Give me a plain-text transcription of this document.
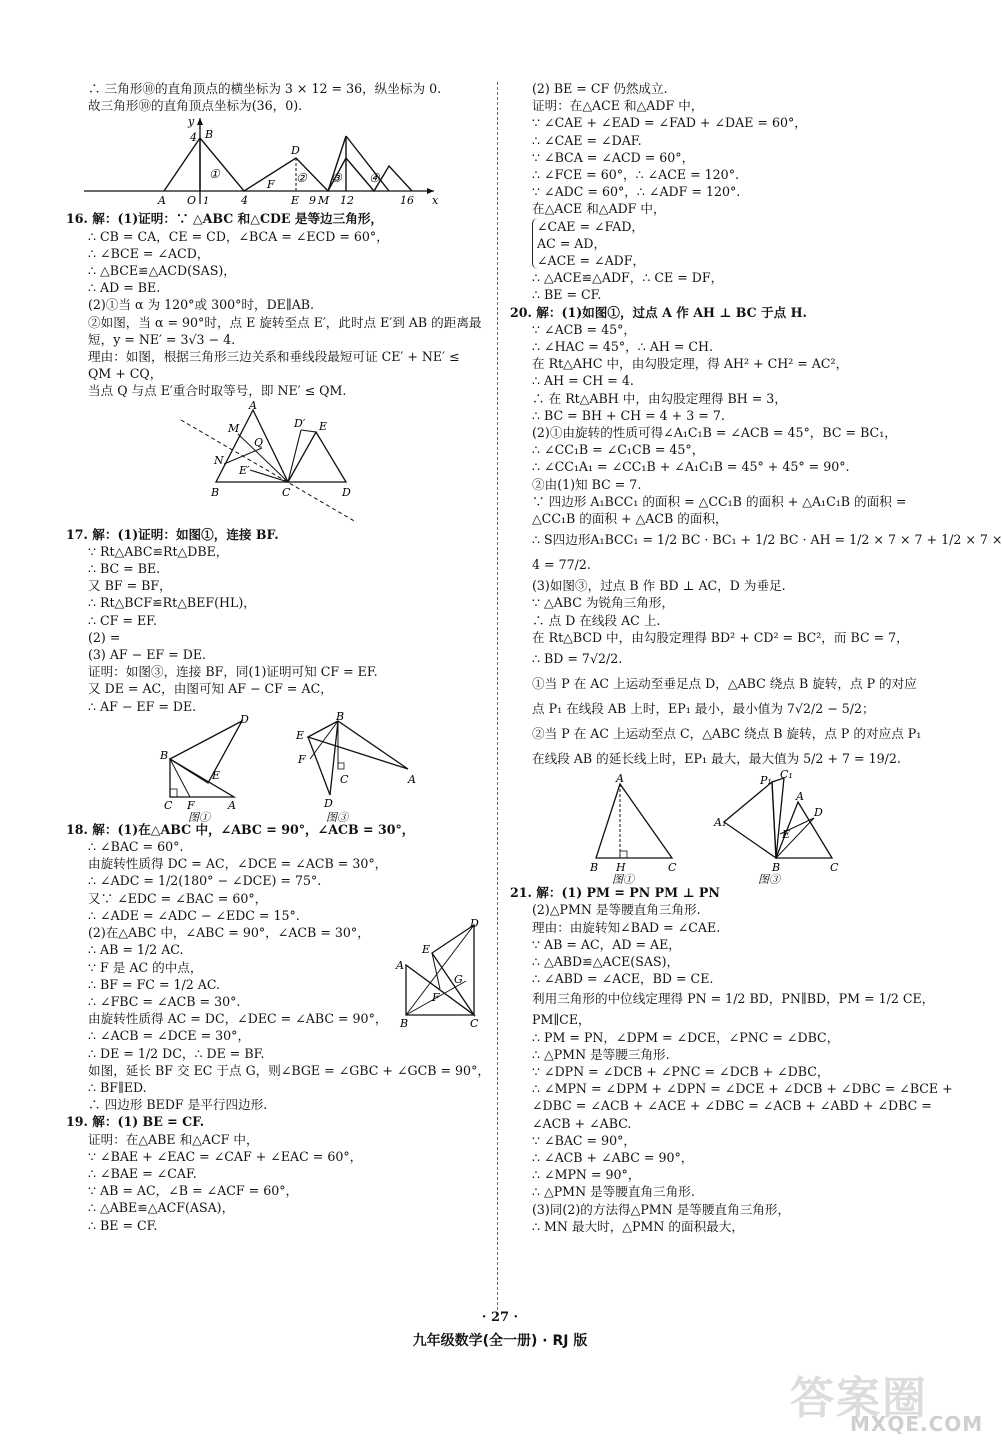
∴ 三角形⑩的直角顶点的横坐标为 3 × 12 = 36，纵坐标为 0.
故三角形⑩的直角顶点坐标为(36，0).
y
4 B
A O 1	4
F
D
E
②
9 M
③
12
④
16 x
①
16. 解：(1)证明：∵ △ABC 和△CDE 是等边三角形，
∴ CB = CA，CE = CD，∠BCA = ∠ECD = 60°，
∴ ∠BCE = ∠ACD，
∴ △BCE≌△ACD(SAS)，
∴ AD = BE.
(2)①当 α 为 120°或 300°时，DE∥AB.
②如图，当 α = 90°时，点 E 旋转至点 E′，此时点 E′到 AB 的距离最
短，y = NE′ = 3√3 − 4.
理由：如图，根据三角形三边关系和垂线段最短可证 CE′ + NE′ ≤
QM + CQ，
当点 Q 与点 E′重合时取等号，即 NE′ ≤ QM.
A
M
Q
D′ E
N
E′
B	C	D
17. 解：(1)证明：如图①，连接 BF.
∵ Rt△ABC≌Rt△DBE，
∴ BC = BE.
又 BF = BF，
∴ Rt△BCF≌Rt△BEF(HL)，
∴ CF = EF.
(2) =
(3) AF − EF = DE.
证明：如图③，连接 BF，同(1)证明可知 CF = EF.
又 DE = AC，由图可知 AF − CF = AC，
∴ AF − EF = DE.
D
B
E
C F	A
图①
B
E
F
C	A
D
图③
18. 解：(1)在△ABC 中，∠ABC = 90°，∠ACB = 30°，
∴ ∠BAC = 60°.
由旋转性质得 DC = AC，∠DCE = ∠ACB = 30°，
∴ ∠ADC = 1/2(180° − ∠DCE) = 75°.
又∵ ∠EDC = ∠BAC = 60°，
∴ ∠ADE = ∠ADC − ∠EDC = 15°.
(2)在△ABC 中，∠ABC = 90°，∠ACB = 30°，
∴ AB = 1/2 AC.
∵ F 是 AC 的中点，
∴ BF = FC = 1/2 AC.
∴ ∠FBC = ∠ACB = 30°.
由旋转性质得 AC = DC，∠DEC = ∠ABC = 90°，
∴ ∠ACB = ∠DCE = 30°，
D
E
A
G
F
B	C
∴ DE = 1/2 DC，∴ DE = BF.
如图，延长 BF 交 EC 于点 G，则∠BGE = ∠GBC + ∠GCB = 90°，
∴ BF∥ED.
∴ 四边形 BEDF 是平行四边形.
19. 解：(1) BE = CF.
证明：在△ABE 和△ACF 中，
∵ ∠BAE + ∠EAC = ∠CAF + ∠EAC = 60°，
∴ ∠BAE = ∠CAF.
∵ AB = AC，∠B = ∠ACF = 60°，
∴ △ABE≌△ACF(ASA)，
∴ BE = CF.
(2) BE = CF 仍然成立.
证明：在△ACE 和△ADF 中，
∵ ∠CAE + ∠EAD = ∠FAD + ∠DAE = 60°，
∴ ∠CAE = ∠DAF.
∵ ∠BCA = ∠ACD = 60°，
∴ ∠FCE = 60°，∴ ∠ACE = 120°.
∵ ∠ADC = 60°，∴ ∠ADF = 120°.
在△ACE 和△ADF 中，
∠CAE = ∠FAD，
AC = AD，
∠ACE = ∠ADF，
∴ △ACE≌△ADF，∴ CE = DF，
∴ BE = CF.
20. 解：(1)如图①，过点 A 作 AH ⊥ BC 于点 H.
∵ ∠ACB = 45°，
∴ ∠HAC = 45°，∴ AH = CH.
在 Rt△AHC 中，由勾股定理，得 AH² + CH² = AC²，
∴ AH = CH = 4.
∴ 在 Rt△ABH 中，由勾股定理得 BH = 3，
∴ BC = BH + CH = 4 + 3 = 7.
(2)①由旋转的性质可得∠A₁C₁B = ∠ACB = 45°，BC = BC₁，
∴ ∠CC₁B = ∠C₁CB = 45°，
∴ ∠CC₁A₁ = ∠CC₁B + ∠A₁C₁B = 45° + 45° = 90°.
②由(1)知 BC = 7.
∵ 四边形 A₁BCC₁ 的面积 = △CC₁B 的面积 + △A₁C₁B 的面积 =
△CC₁B 的面积 + △ACB 的面积，
∴ S四边形A₁BCC₁ = 1/2 BC · BC₁ + 1/2 BC · AH = 1/2 × 7 × 7 + 1/2 × 7 ×
4 = 77/2.
(3)如图③，过点 B 作 BD ⊥ AC，D 为垂足.
∵ △ABC 为锐角三角形，
∴ 点 D 在线段 AC 上.
在 Rt△BCD 中，由勾股定理得 BD² + CD² = BC²，而 BC = 7，
∴ BD = 7√2/2.
①当 P 在 AC 上运动至垂足点 D，△ABC 绕点 B 旋转，点 P 的对应
点 P₁ 在线段 AB 上时，EP₁ 最小，最小值为 7√2/2 − 5/2；
②当 P 在 AC 上运动至点 C，△ABC 绕点 B 旋转，点 P 的对应点 P₁
在线段 AB 的延长线上时，EP₁ 最大，最大值为 5/2 + 7 = 19/2.
A
B H	C
图①
P₁ C₁
A
D
A₁
E
B	C
图③
21. 解：(1) PM = PN PM ⊥ PN
(2)△PMN 是等腰直角三角形.
理由：由旋转知∠BAD = ∠CAE.
∵ AB = AC，AD = AE，
∴ △ABD≌△ACE(SAS)，
∴ ∠ABD = ∠ACE，BD = CE.
利用三角形的中位线定理得 PN = 1/2 BD，PN∥BD，PM = 1/2 CE，
PM∥CE，
∴ PM = PN，∠DPM = ∠DCE，∠PNC = ∠DBC，
∴ △PMN 是等腰三角形.
∵ ∠DPN = ∠DCB + ∠PNC = ∠DCB + ∠DBC，
∴ ∠MPN = ∠DPM + ∠DPN = ∠DCE + ∠DCB + ∠DBC = ∠BCE +
∠DBC = ∠ACB + ∠ACE + ∠DBC = ∠ACB + ∠ABD + ∠DBC =
∠ACB + ∠ABC.
∵ ∠BAC = 90°，
∴ ∠ACB + ∠ABC = 90°，
∴ ∠MPN = 90°，
∴ △PMN 是等腰直角三角形.
(3)同(2)的方法得△PMN 是等腰直角三角形，
∴ MN 最大时，△PMN 的面积最大，
· 27 ·
九年级数学(全一册) · RJ 版
答案圈
MXQE.COM
